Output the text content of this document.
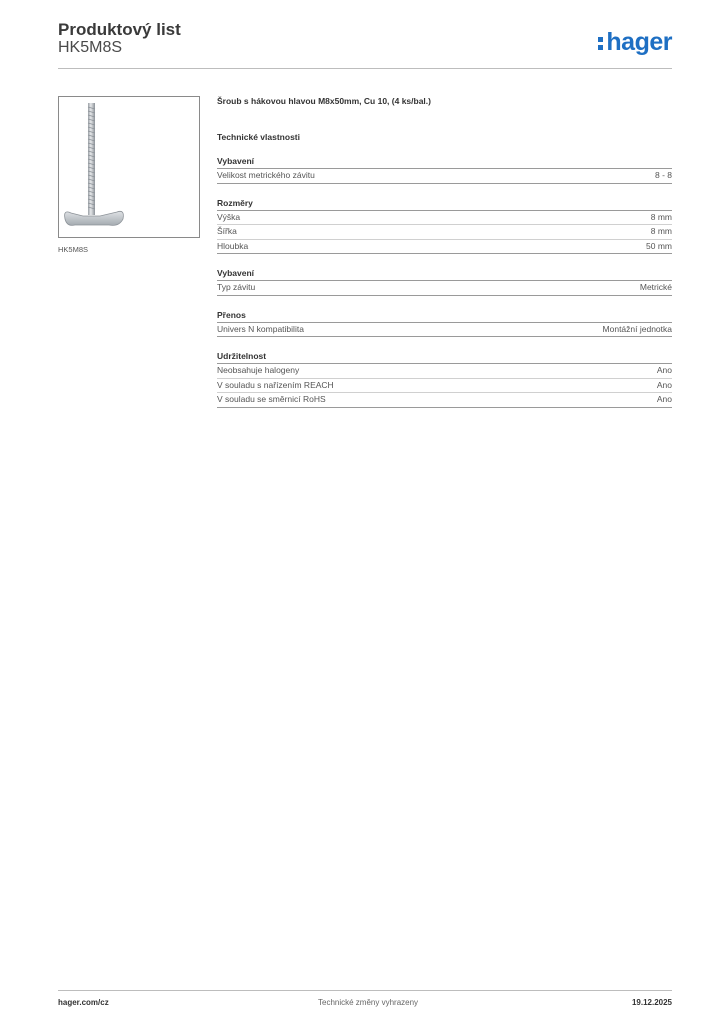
Produktový list
HK5M8S	hager
HK5M8S
Šroub s hákovou hlavou M8x50mm, Cu 10, (4 ks/bal.)
Technické vlastnosti
Vybavení
Velikost metrického závitu	8 - 8
Rozměry
Výška	8 mm
Šířka	8 mm
Hloubka	50 mm
Vybavení
Typ závitu	Metrické
Přenos
Univers N kompatibilita	Montážní jednotka
Udržitelnost
Neobsahuje halogeny	Ano
V souladu s nařízením REACH	Ano
V souladu se směrnicí RoHS	Ano
hager.com/cz	Technické změny vyhrazeny	19.12.2025
